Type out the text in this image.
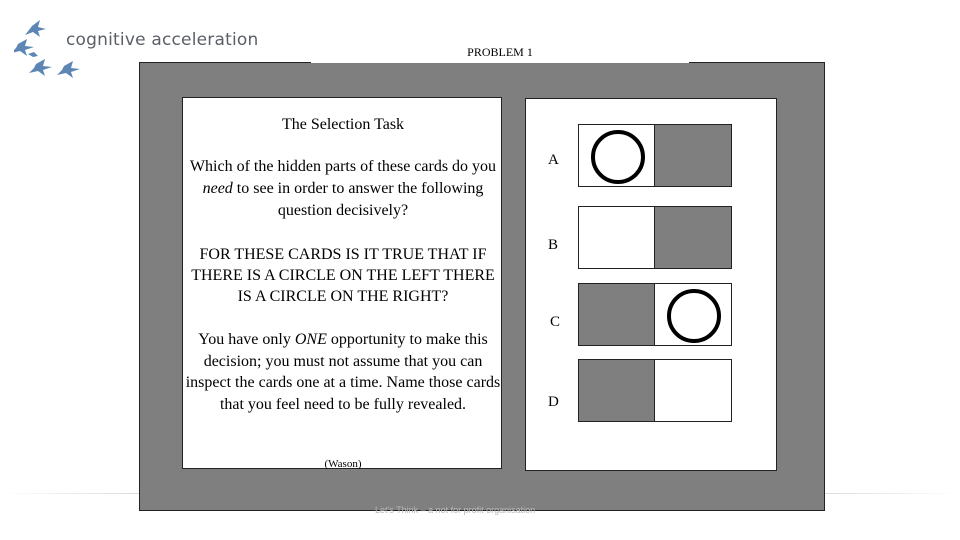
cognitive acceleration
PROBLEM 1
Let's Think – a not for profit organisation
The Selection Task
Which of the hidden parts of these cards do you need to see in order to answer the following question decisively?
FOR THESE CARDS IS IT TRUE THAT IF THERE IS A CIRCLE ON THE LEFT THERE IS A CIRCLE ON THE RIGHT?
You have only ONE opportunity to make this decision; you must not assume that you can inspect the cards one at a time. Name those cards that you feel need to be fully revealed.
(Wason)
A
B
C
D
